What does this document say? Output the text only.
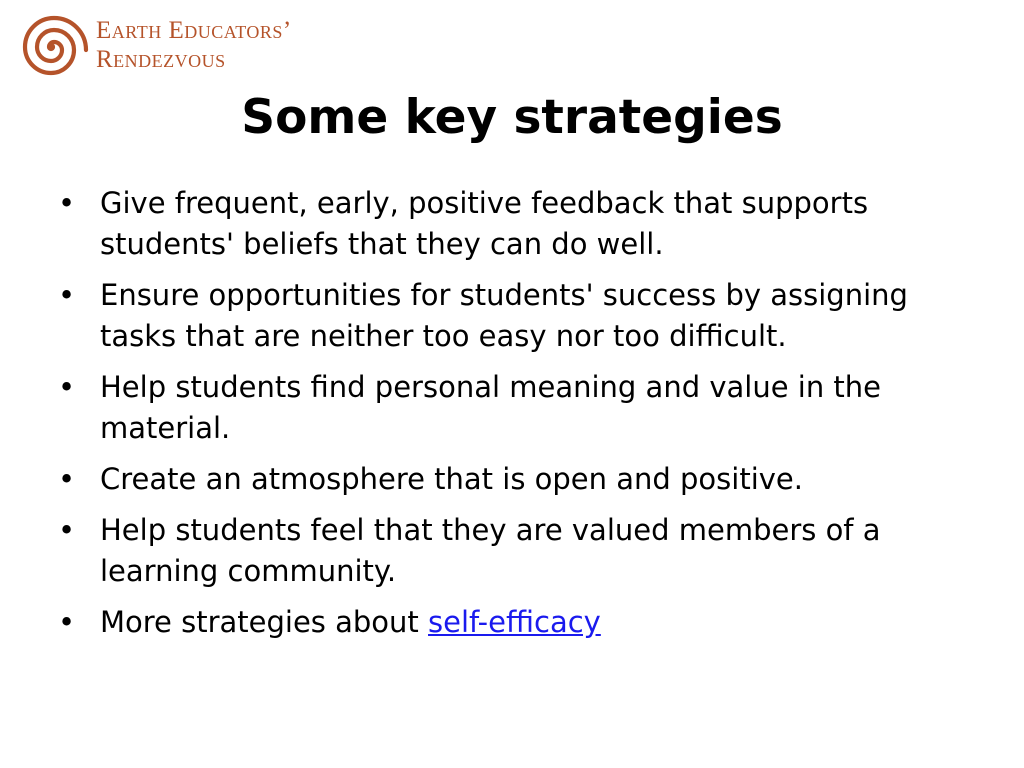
Earth Educators’
Rendezvous
Some key strategies
• Give frequent, early, positive feedback that supports students' beliefs that they can do well.
• Ensure opportunities for students' success by assigning tasks that are neither too easy nor too difficult.
• Help students find personal meaning and value in the material.
• Create an atmosphere that is open and positive.
• Help students feel that they are valued members of a learning community.
• More strategies about self-efficacy
